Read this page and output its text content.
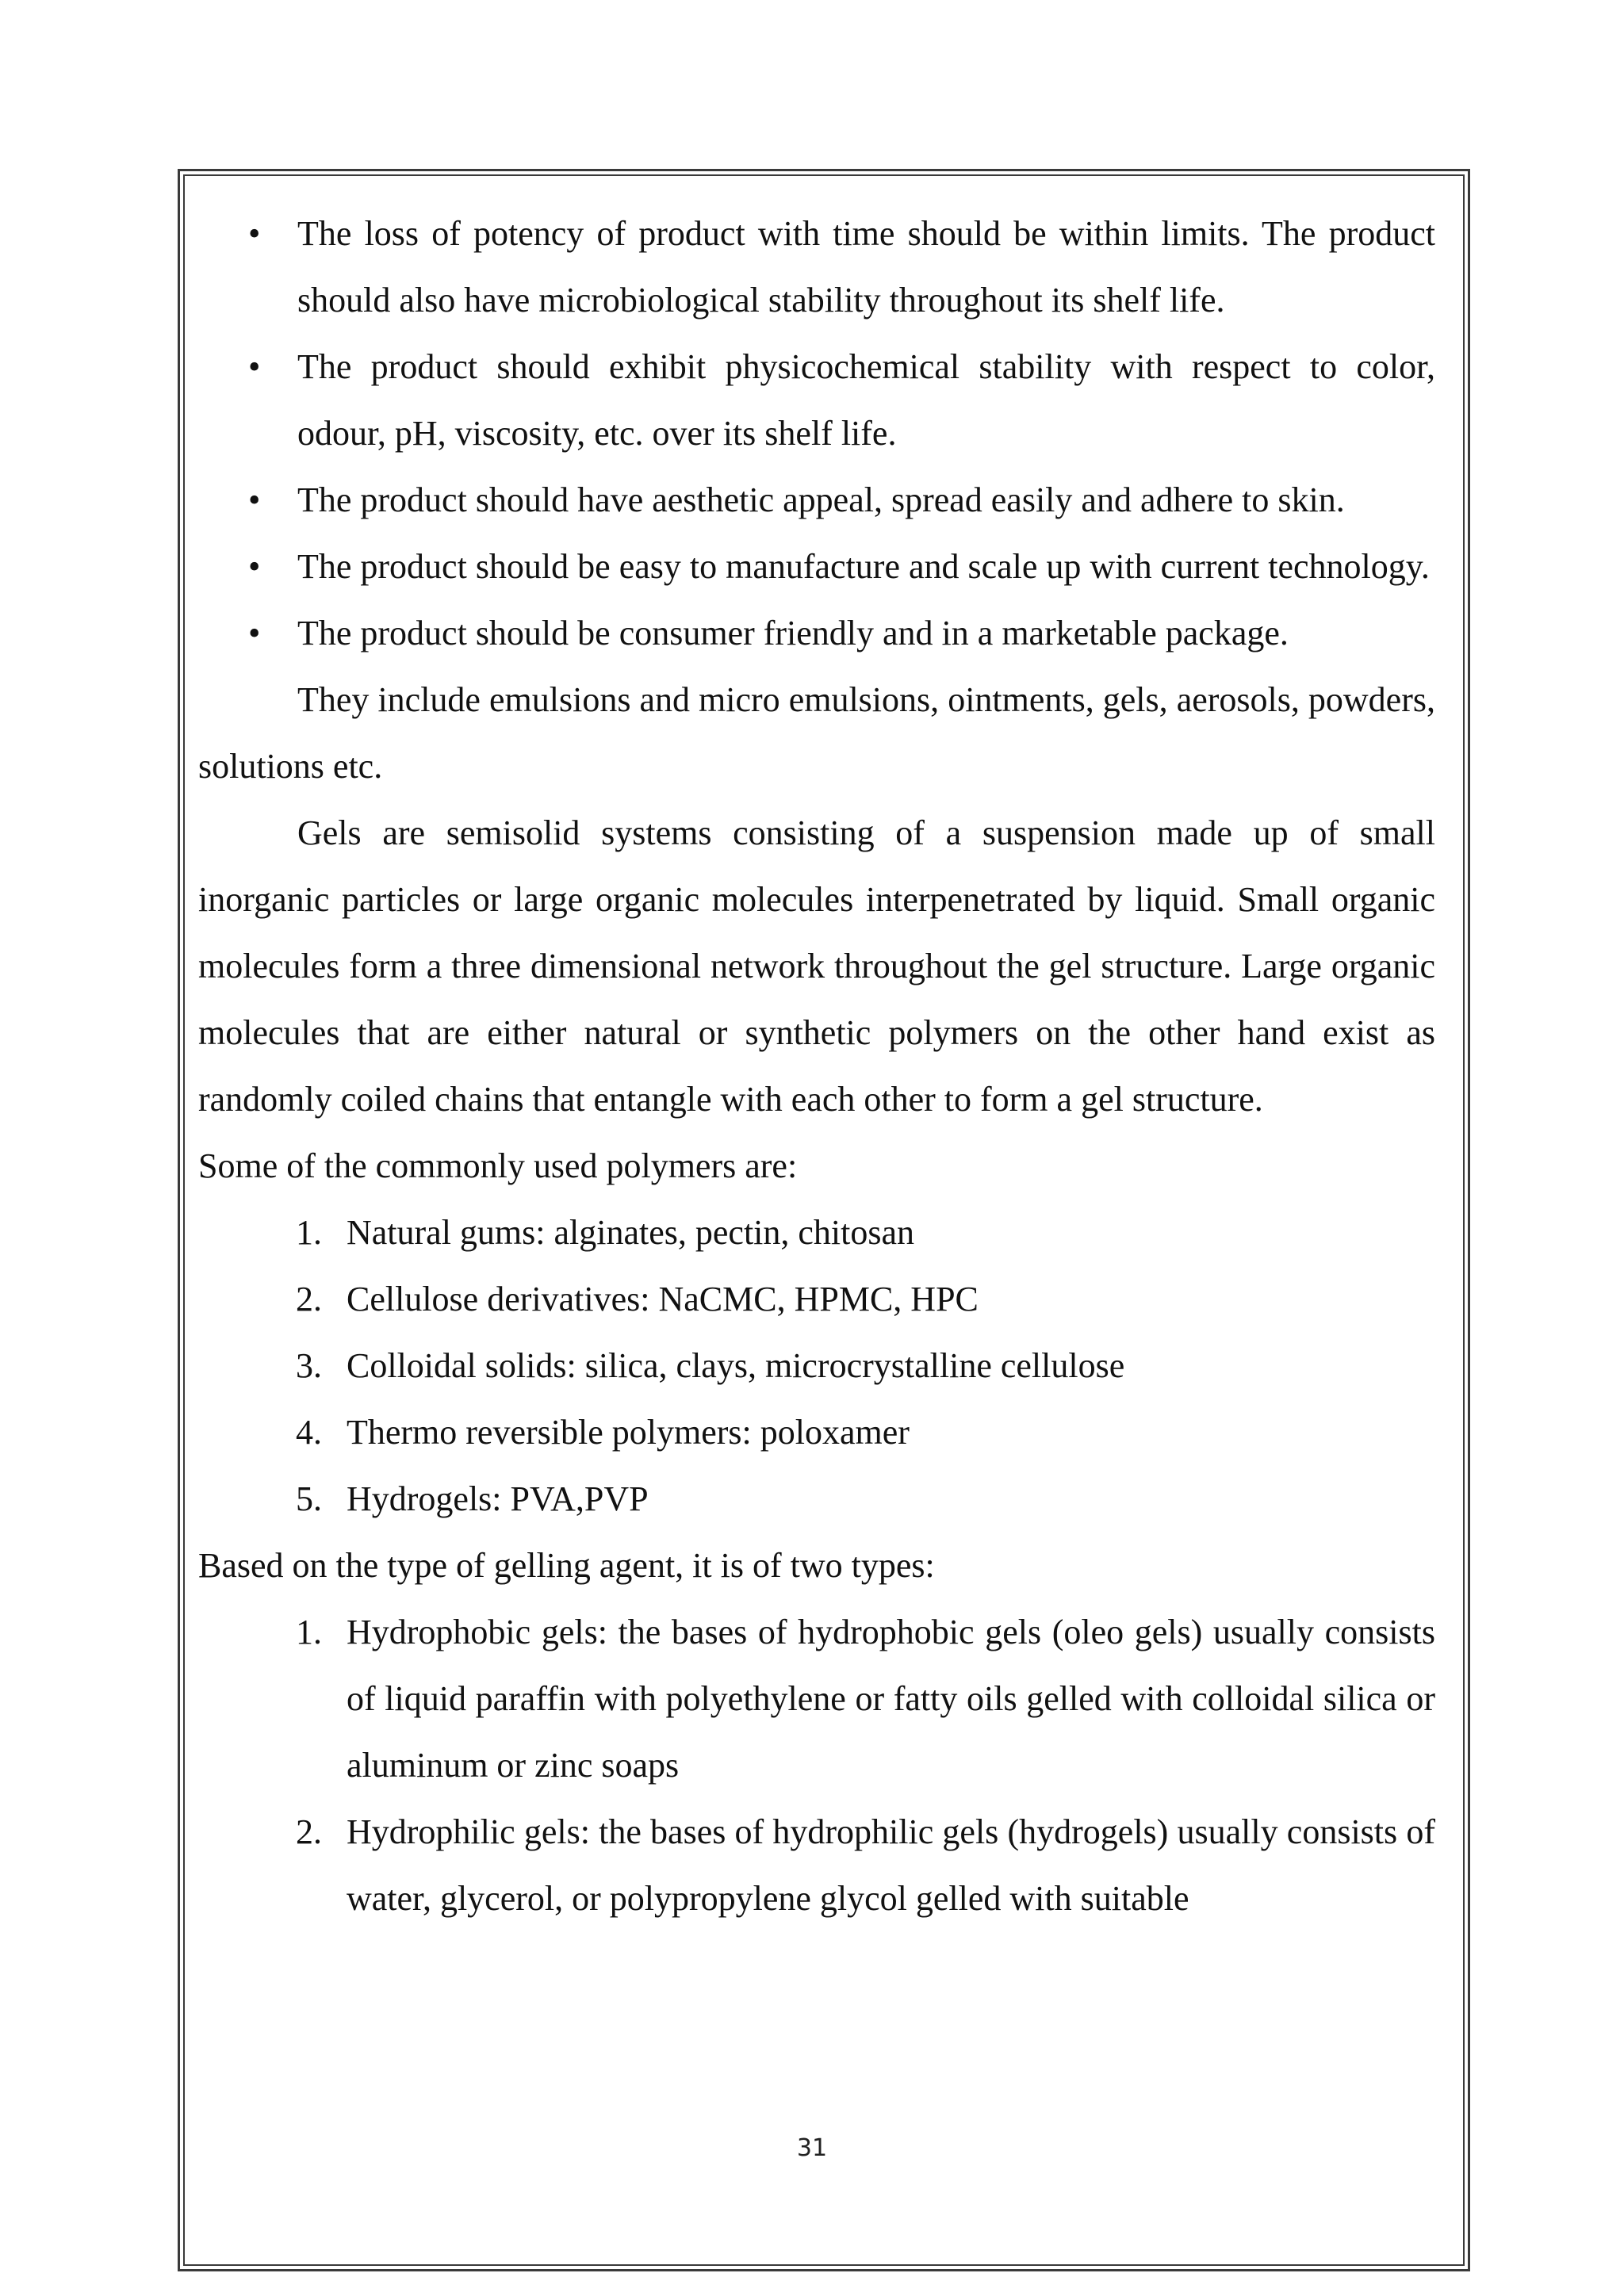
• The loss of potency of product with time should be within limits. The product should also have microbiological stability throughout its shelf life.
• The product should exhibit physicochemical stability with respect to color, odour, pH, viscosity, etc. over its shelf life.
• The product should have aesthetic appeal, spread easily and adhere to skin.
• The product should be easy to manufacture and scale up with current technology.
• The product should be consumer friendly and in a marketable package.

They include emulsions and micro emulsions, ointments, gels, aerosols, powders, solutions etc.

Gels are semisolid systems consisting of a suspension made up of small inorganic particles or large organic molecules interpenetrated by liquid. Small organic molecules form a three dimensional network throughout the gel structure. Large organic molecules that are either natural or synthetic polymers on the other hand exist as randomly coiled chains that entangle with each other to form a gel structure.

Some of the commonly used polymers are:

1. Natural gums: alginates, pectin, chitosan
2. Cellulose derivatives: NaCMC, HPMC, HPC
3. Colloidal solids: silica, clays, microcrystalline cellulose
4. Thermo reversible polymers: poloxamer
5. Hydrogels: PVA,PVP

Based on the type of gelling agent, it is of two types:

1. Hydrophobic gels: the bases of hydrophobic gels (oleo gels) usually consists of liquid paraffin with polyethylene or fatty oils gelled with colloidal silica or aluminum or zinc soaps
2. Hydrophilic gels: the bases of hydrophilic gels (hydrogels) usually consists of water, glycerol, or polypropylene glycol gelled with suitable
31
